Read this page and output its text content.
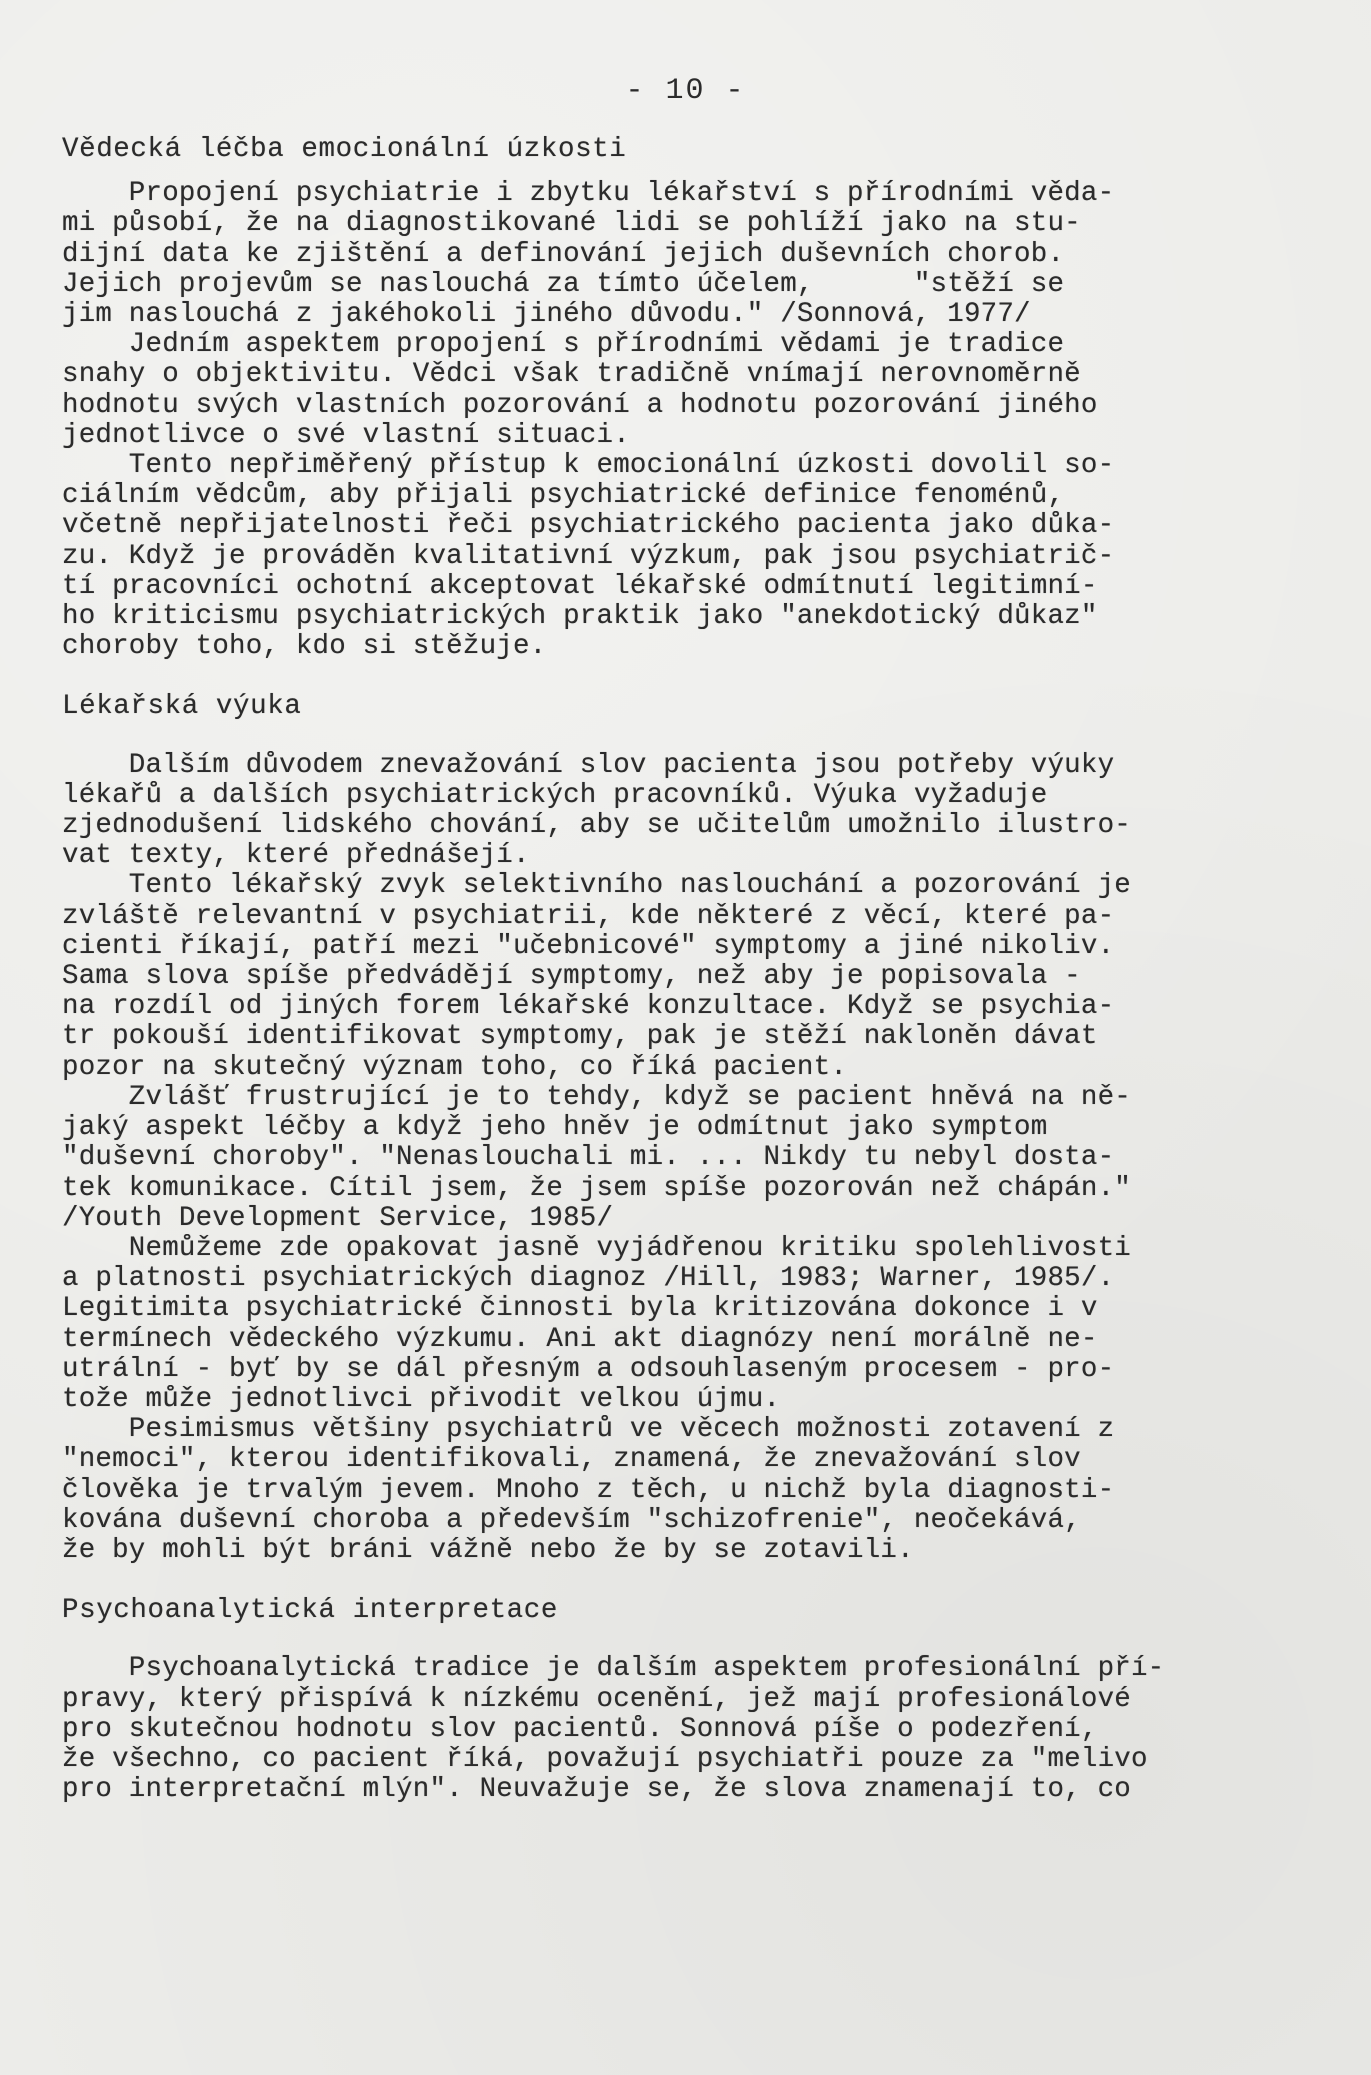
- 10 -
Vědecká léčba emocionální úzkosti
Propojení psychiatrie i zbytku lékařství s přírodními věda-
mi působí, že na diagnostikované lidi se pohlíží jako na stu-
dijní data ke zjištění a definování jejich duševních chorob.
Jejich projevům se naslouchá za tímto účelem,      "stěží se
jim naslouchá z jakéhokoli jiného důvodu." /Sonnová, 1977/
Jedním aspektem propojení s přírodními vědami je tradice
snahy o objektivitu. Vědci však tradičně vnímají nerovnoměrně
hodnotu svých vlastních pozorování a hodnotu pozorování jiného
jednotlivce o své vlastní situaci.
Tento nepřiměřený přístup k emocionální úzkosti dovolil so-
ciálním vědcům, aby přijali psychiatrické definice fenoménů,
včetně nepřijatelnosti řeči psychiatrického pacienta jako důka-
zu. Když je prováděn kvalitativní výzkum, pak jsou psychiatrič-
tí pracovníci ochotní akceptovat lékařské odmítnutí legitimní-
ho kriticismu psychiatrických praktik jako "anekdotický důkaz"
choroby toho, kdo si stěžuje.
Lékařská výuka
Dalším důvodem znevažování slov pacienta jsou potřeby výuky
lékařů a dalších psychiatrických pracovníků. Výuka vyžaduje
zjednodušení lidského chování, aby se učitelům umožnilo ilustro-
vat texty, které přednášejí.
Tento lékařský zvyk selektivního naslouchání a pozorování je
zvláště relevantní v psychiatrii, kde některé z věcí, které pa-
cienti říkají, patří mezi "učebnicové" symptomy a jiné nikoliv.
Sama slova spíše předvádějí symptomy, než aby je popisovala -
na rozdíl od jiných forem lékařské konzultace. Když se psychia-
tr pokouší identifikovat symptomy, pak je stěží nakloněn dávat
pozor na skutečný význam toho, co říká pacient.
Zvlášť frustrující je to tehdy, když se pacient hněvá na ně-
jaký aspekt léčby a když jeho hněv je odmítnut jako symptom
"duševní choroby". "Nenaslouchali mi. ... Nikdy tu nebyl dosta-
tek komunikace. Cítil jsem, že jsem spíše pozorován než chápán."
/Youth Development Service, 1985/
Nemůžeme zde opakovat jasně vyjádřenou kritiku spolehlivosti
a platnosti psychiatrických diagnoz /Hill, 1983; Warner, 1985/.
Legitimita psychiatrické činnosti byla kritizována dokonce i v
termínech vědeckého výzkumu. Ani akt diagnózy není morálně ne-
utrální - byť by se dál přesným a odsouhlaseným procesem - pro-
tože může jednotlivci přivodit velkou újmu.
Pesimismus většiny psychiatrů ve věcech možnosti zotavení z
"nemoci", kterou identifikovali, znamená, že znevažování slov
člověka je trvalým jevem. Mnoho z těch, u nichž byla diagnosti-
kována duševní choroba a především "schizofrenie", neočekává,
že by mohli být bráni vážně nebo že by se zotavili.
Psychoanalytická interpretace
Psychoanalytická tradice je dalším aspektem profesionální pří-
pravy, který přispívá k nízkému ocenění, jež mají profesionálové
pro skutečnou hodnotu slov pacientů. Sonnová píše o podezření,
že všechno, co pacient říká, považují psychiatři pouze za "melivo
pro interpretační mlýn". Neuvažuje se, že slova znamenají to, co
